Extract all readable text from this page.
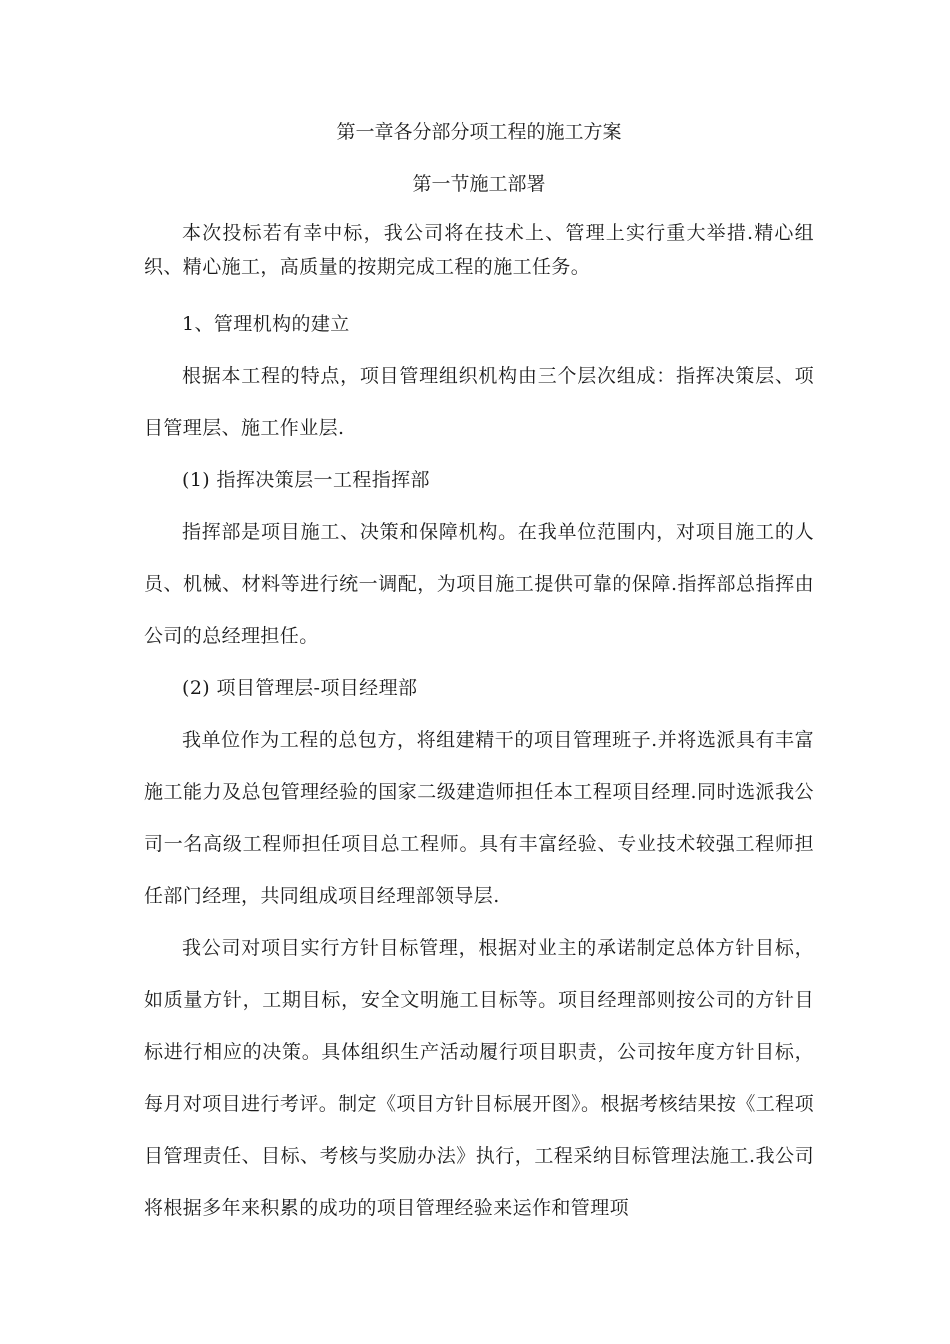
第一章各分部分项工程的施工方案
第一节施工部署

本次投标若有幸中标，我公司将在技术上、管理上实行重大举措.精心组织、精心施工，高质量的按期完成工程的施工任务。

1、管理机构的建立

根据本工程的特点，项目管理组织机构由三个层次组成：指挥决策层、项目管理层、施工作业层.

(1) 指挥决策层一工程指挥部

指挥部是项目施工、决策和保障机构。在我单位范围内，对项目施工的人员、机械、材料等进行统一调配，为项目施工提供可靠的保障.指挥部总指挥由公司的总经理担任。

(2) 项目管理层-项目经理部

我单位作为工程的总包方，将组建精干的项目管理班子.并将选派具有丰富施工能力及总包管理经验的国家二级建造师担任本工程项目经理.同时选派我公司一名高级工程师担任项目总工程师。具有丰富经验、专业技术较强工程师担任部门经理，共同组成项目经理部领导层.

我公司对项目实行方针目标管理，根据对业主的承诺制定总体方针目标，如质量方针，工期目标，安全文明施工目标等。项目经理部则按公司的方针目标进行相应的决策。具体组织生产活动履行项目职责，公司按年度方针目标，每月对项目进行考评。制定《项目方针目标展开图》。根据考核结果按《工程项目管理责任、目标、考核与奖励办法》执行，工程采纳目标管理法施工.我公司将根据多年来积累的成功的项目管理经验来运作和管理项
